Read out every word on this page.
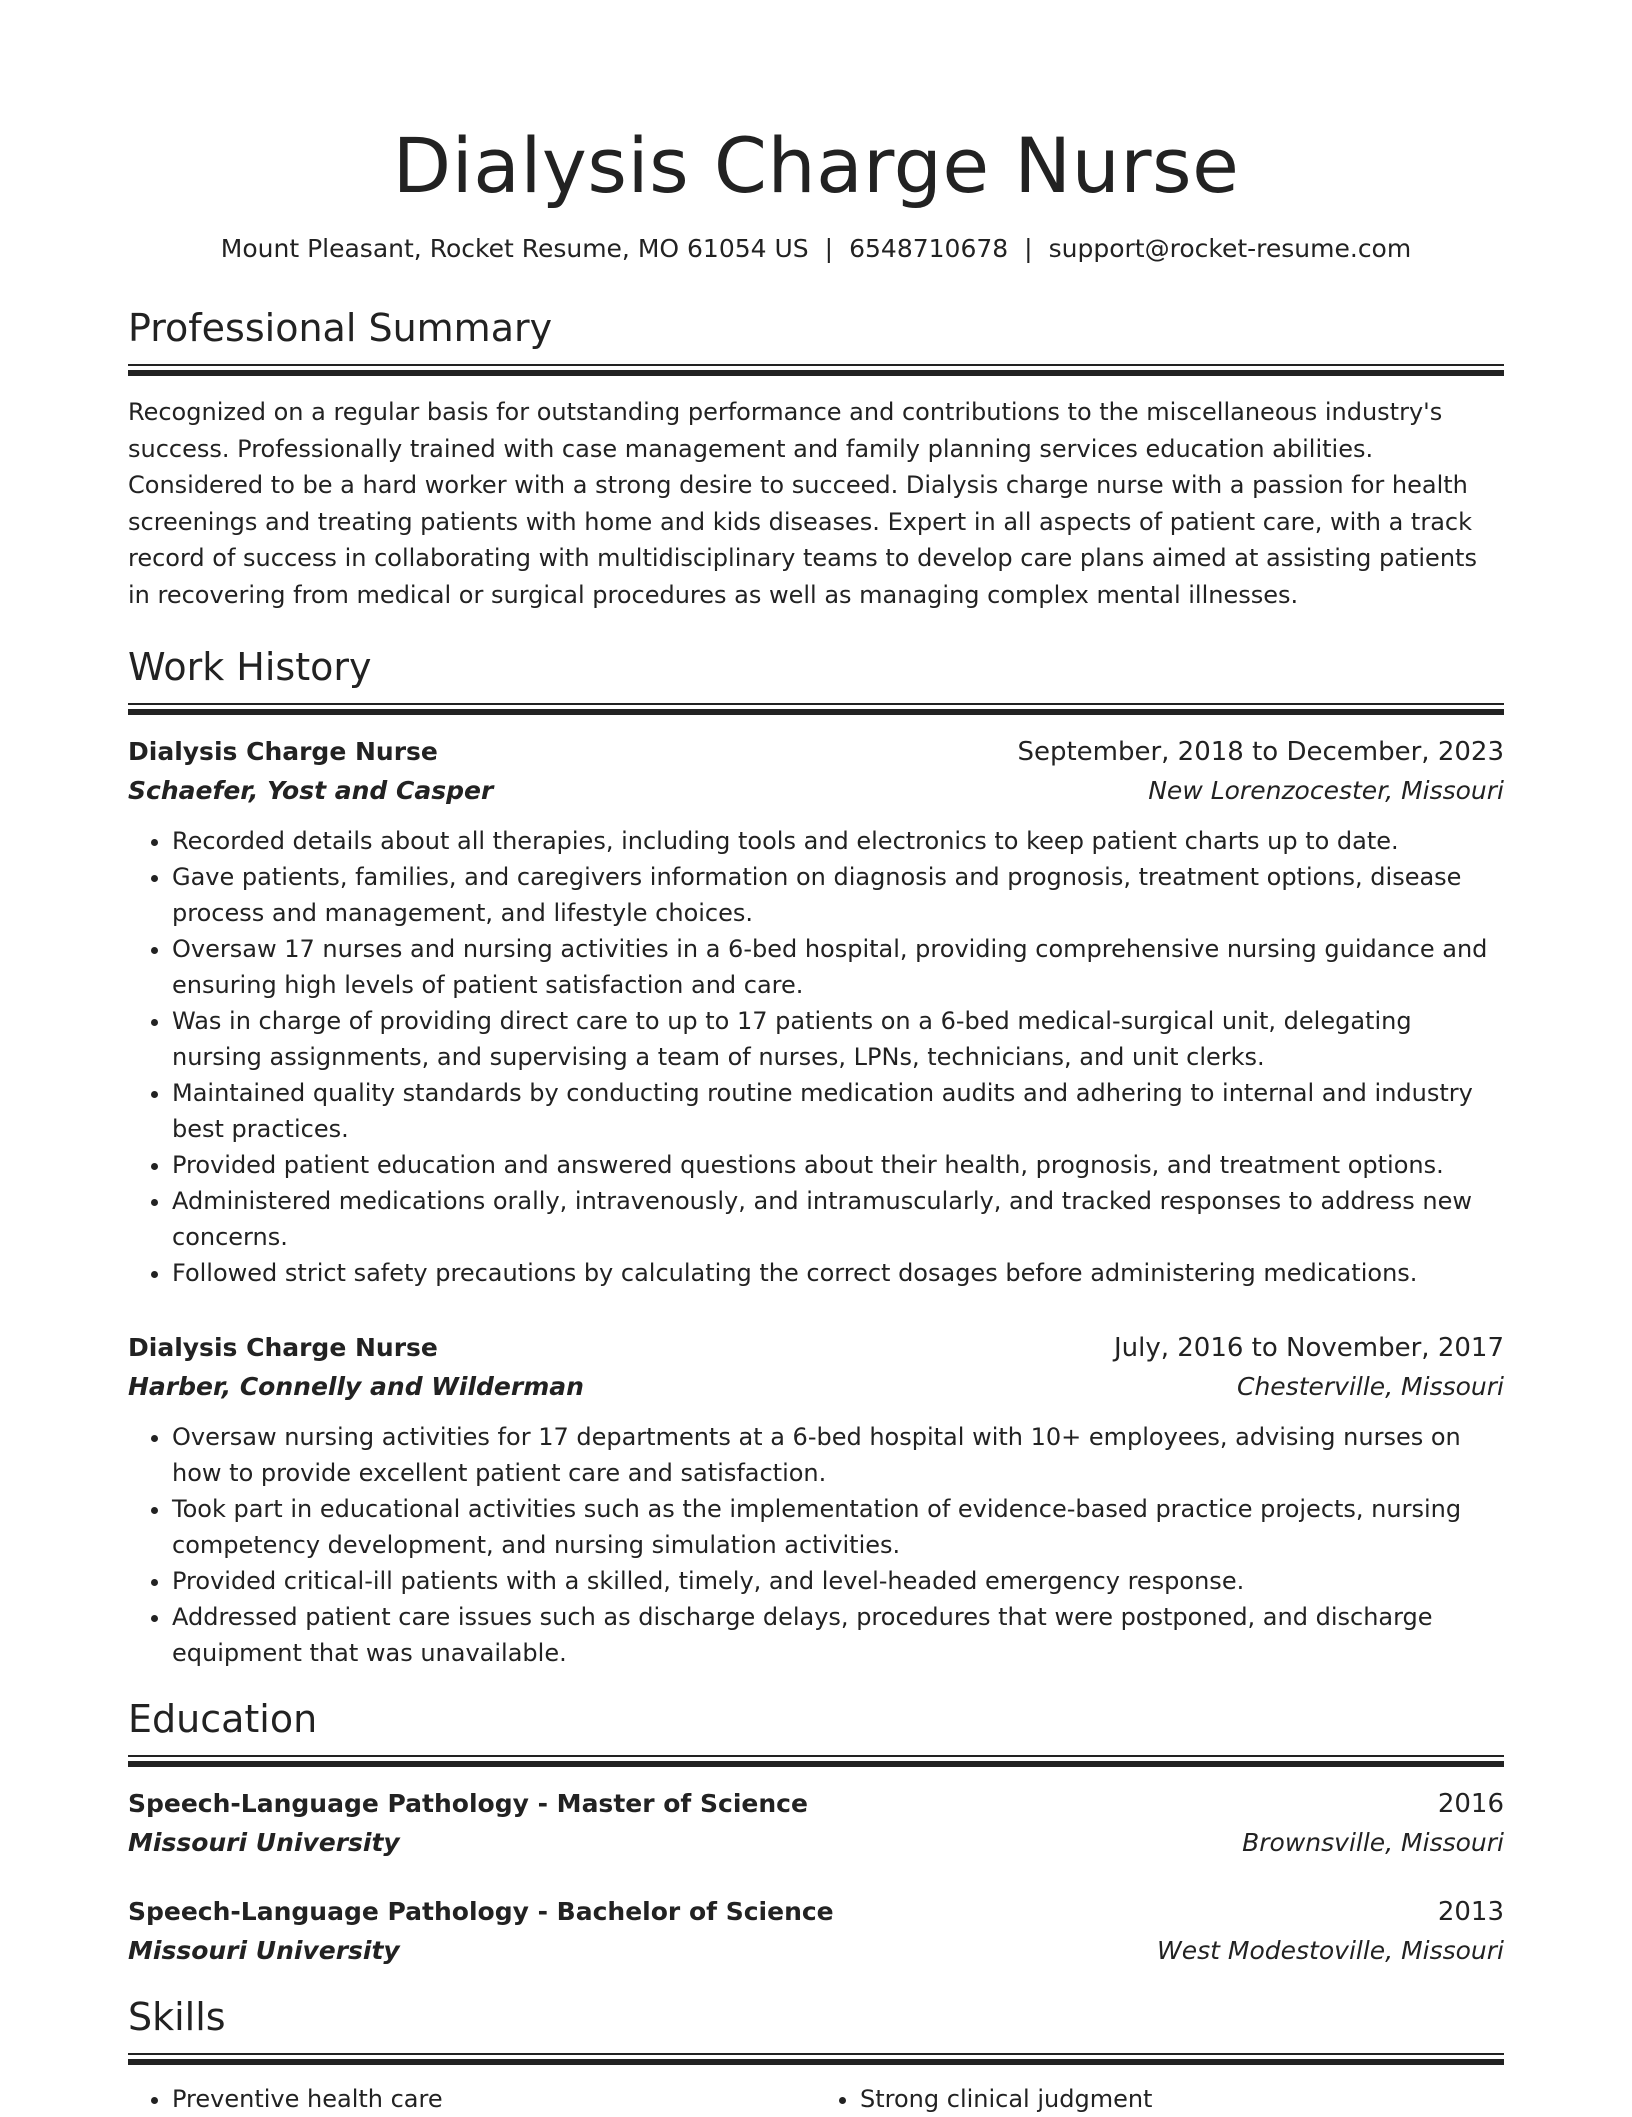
Dialysis Charge Nurse
Mount Pleasant, Rocket Resume, MO 61054 US | 6548710678 | support@rocket-resume.com
Professional Summary
Recognized on a regular basis for outstanding performance and contributions to the miscellaneous industry's success. Professionally trained with case management and family planning services education abilities. Considered to be a hard worker with a strong desire to succeed. Dialysis charge nurse with a passion for health screenings and treating patients with home and kids diseases. Expert in all aspects of patient care, with a track record of success in collaborating with multidisciplinary teams to develop care plans aimed at assisting patients in recovering from medical or surgical procedures as well as managing complex mental illnesses.
Work History
Dialysis Charge Nurse	September, 2018 to December, 2023
Schaefer, Yost and Casper	New Lorenzocester, Missouri
• Recorded details about all therapies, including tools and electronics to keep patient charts up to date.
• Gave patients, families, and caregivers information on diagnosis and prognosis, treatment options, disease process and management, and lifestyle choices.
• Oversaw 17 nurses and nursing activities in a 6-bed hospital, providing comprehensive nursing guidance and ensuring high levels of patient satisfaction and care.
• Was in charge of providing direct care to up to 17 patients on a 6-bed medical-surgical unit, delegating nursing assignments, and supervising a team of nurses, LPNs, technicians, and unit clerks.
• Maintained quality standards by conducting routine medication audits and adhering to internal and industry best practices.
• Provided patient education and answered questions about their health, prognosis, and treatment options.
• Administered medications orally, intravenously, and intramuscularly, and tracked responses to address new concerns.
• Followed strict safety precautions by calculating the correct dosages before administering medications.
Dialysis Charge Nurse	July, 2016 to November, 2017
Harber, Connelly and Wilderman	Chesterville, Missouri
• Oversaw nursing activities for 17 departments at a 6-bed hospital with 10+ employees, advising nurses on how to provide excellent patient care and satisfaction.
• Took part in educational activities such as the implementation of evidence-based practice projects, nursing competency development, and nursing simulation activities.
• Provided critical-ill patients with a skilled, timely, and level-headed emergency response.
• Addressed patient care issues such as discharge delays, procedures that were postponed, and discharge equipment that was unavailable.
Education
Speech-Language Pathology - Master of Science	2016
Missouri University	Brownsville, Missouri
Speech-Language Pathology - Bachelor of Science	2013
Missouri University	West Modestoville, Missouri
Skills
• Preventive health care
•	Strong clinical judgment
